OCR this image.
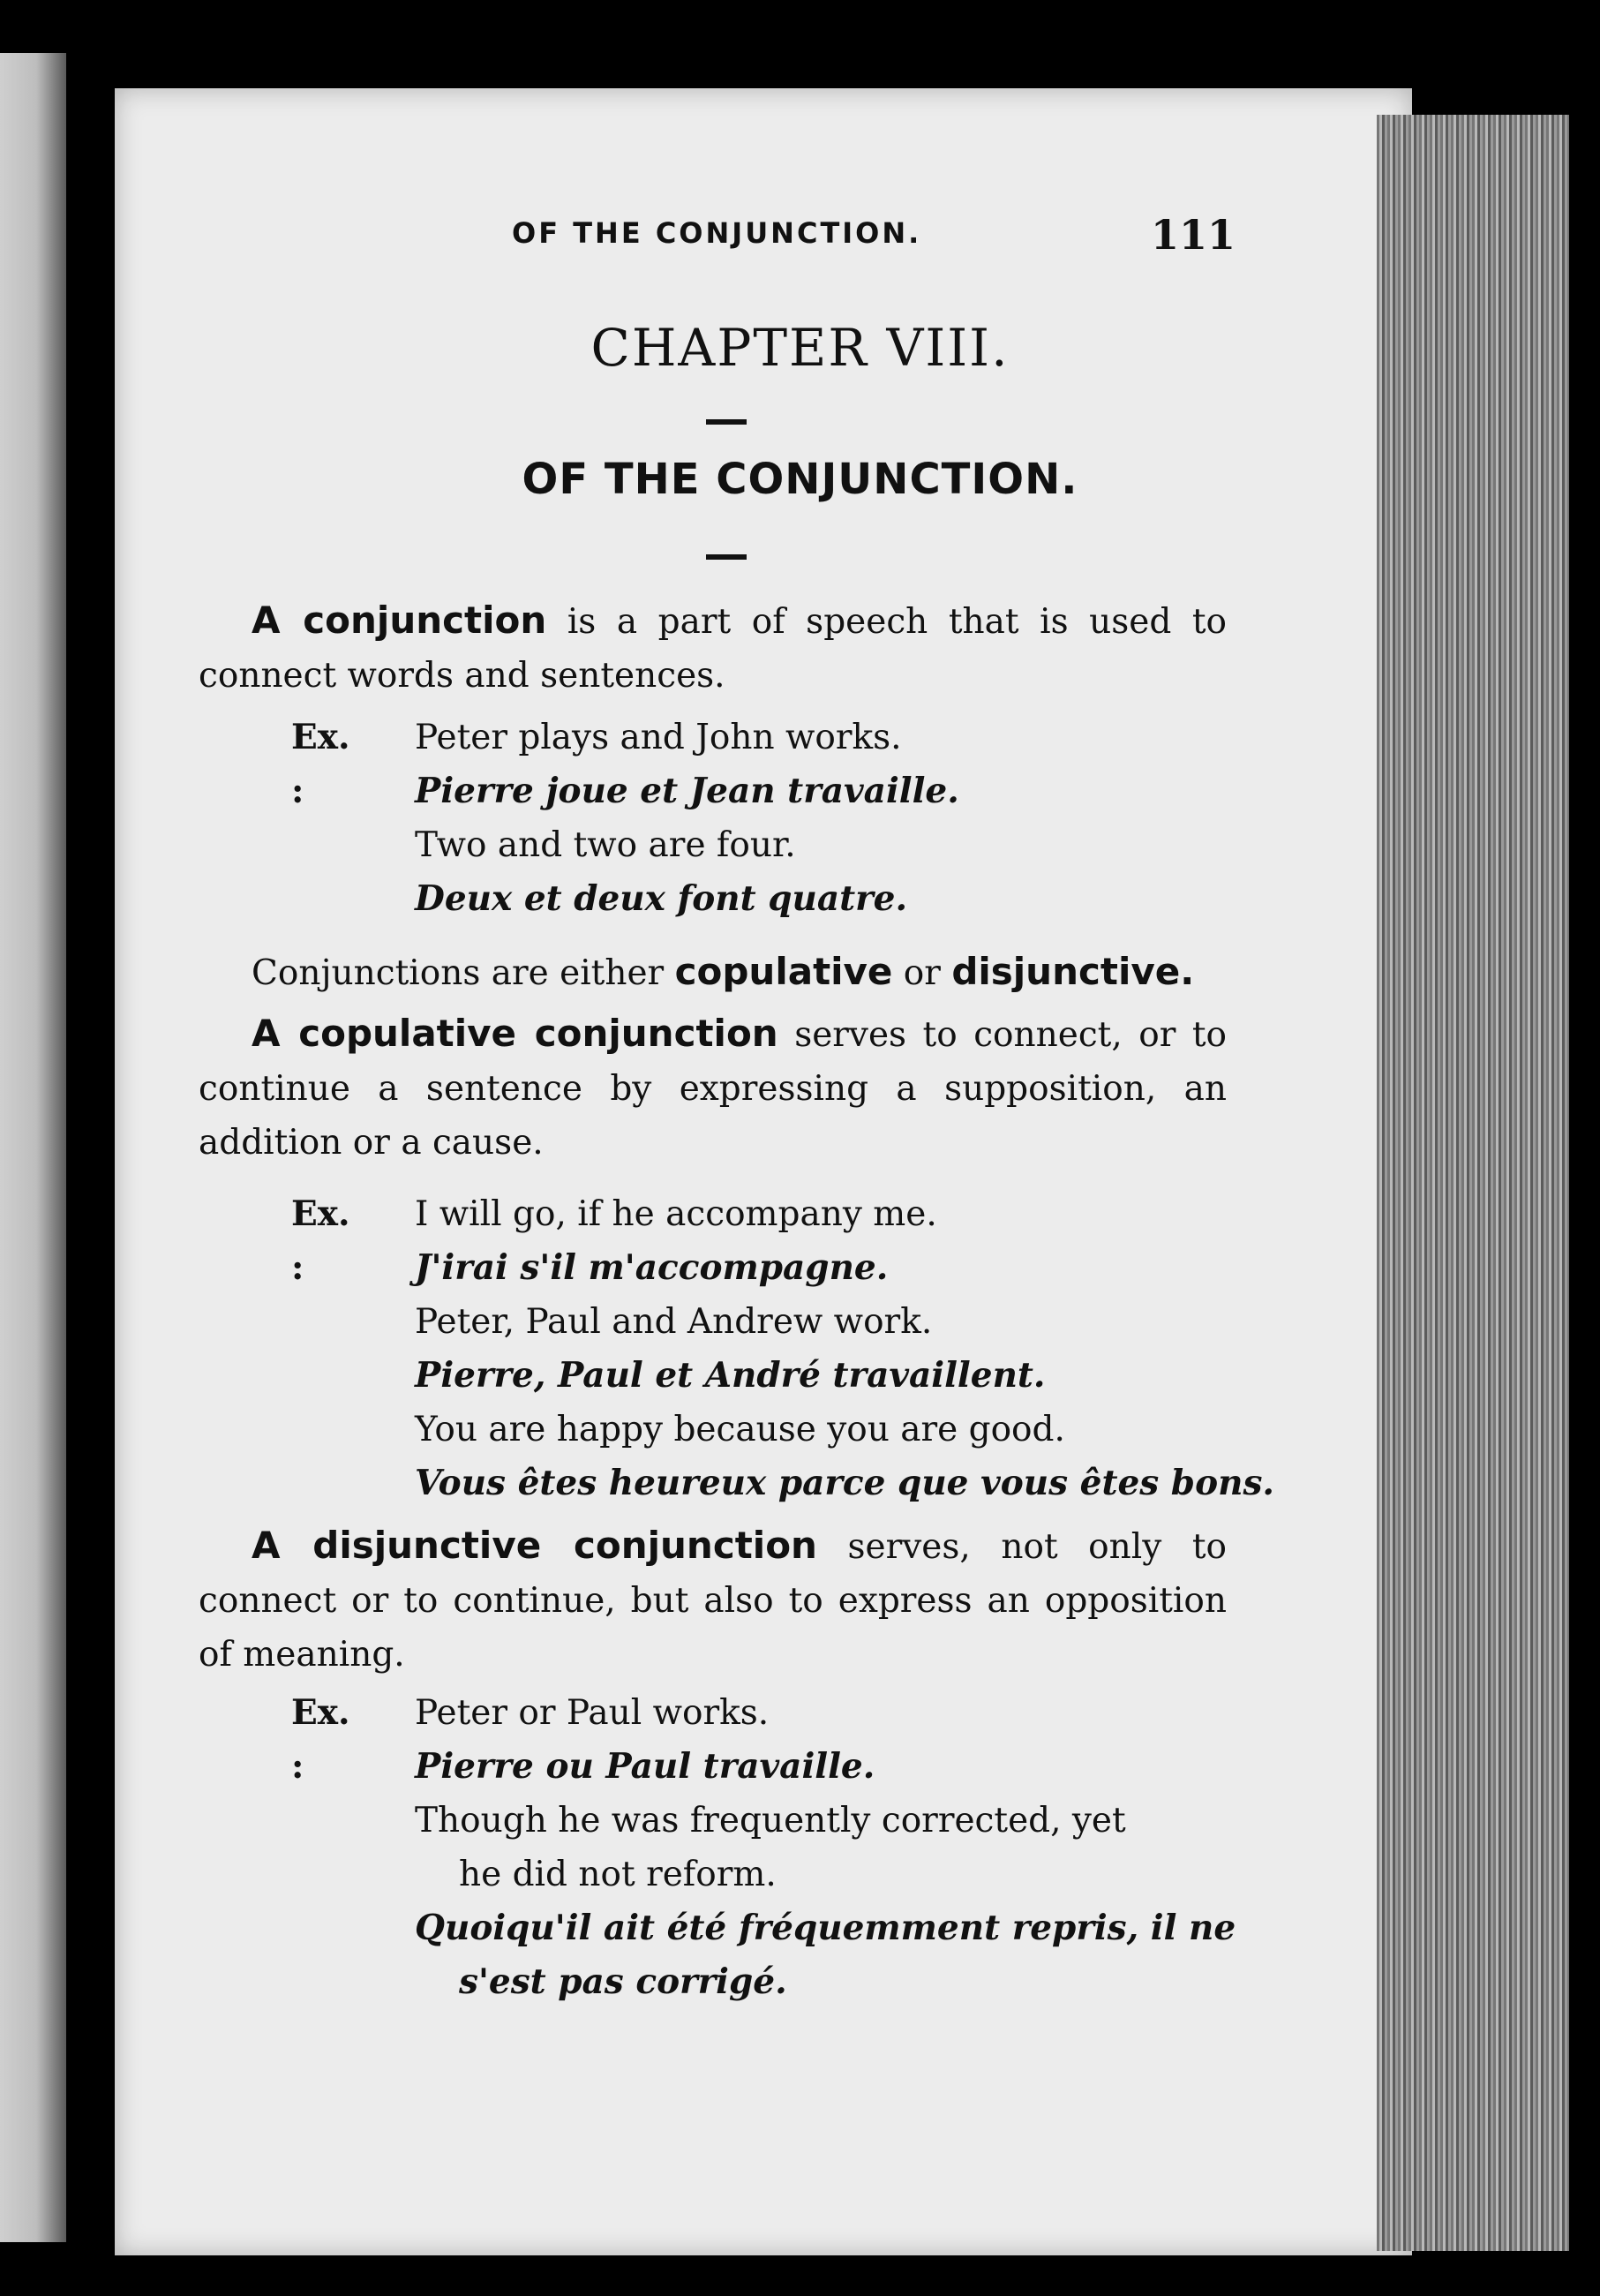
OF THE CONJUNCTION.	111
CHAPTER VIII.
OF THE CONJUNCTION.
A conjunction is a part of speech that is used to connect words and sentences.
Ex. :
Peter plays and John works.
Pierre joue et Jean travaille.
Two and two are four.
Deux et deux font quatre.
Conjunctions are either copulative or disjunctive.
A copulative conjunction serves to connect, or to continue a sentence by expressing a supposition, an addition or a cause.
Ex. :
I will go, if he accompany me.
J'irai s'il m'accompagne.
Peter, Paul and Andrew work.
Pierre, Paul et André travaillent.
You are happy because you are good.
Vous êtes heureux parce que vous êtes bons.
A disjunctive conjunction serves, not only to connect or to continue, but also to express an opposition of meaning.
Ex. :
Peter or Paul works.
Pierre ou Paul travaille.
Though he was frequently corrected, yet
he did not reform.
Quoiqu'il ait été fréquemment repris, il ne
s'est pas corrigé.
